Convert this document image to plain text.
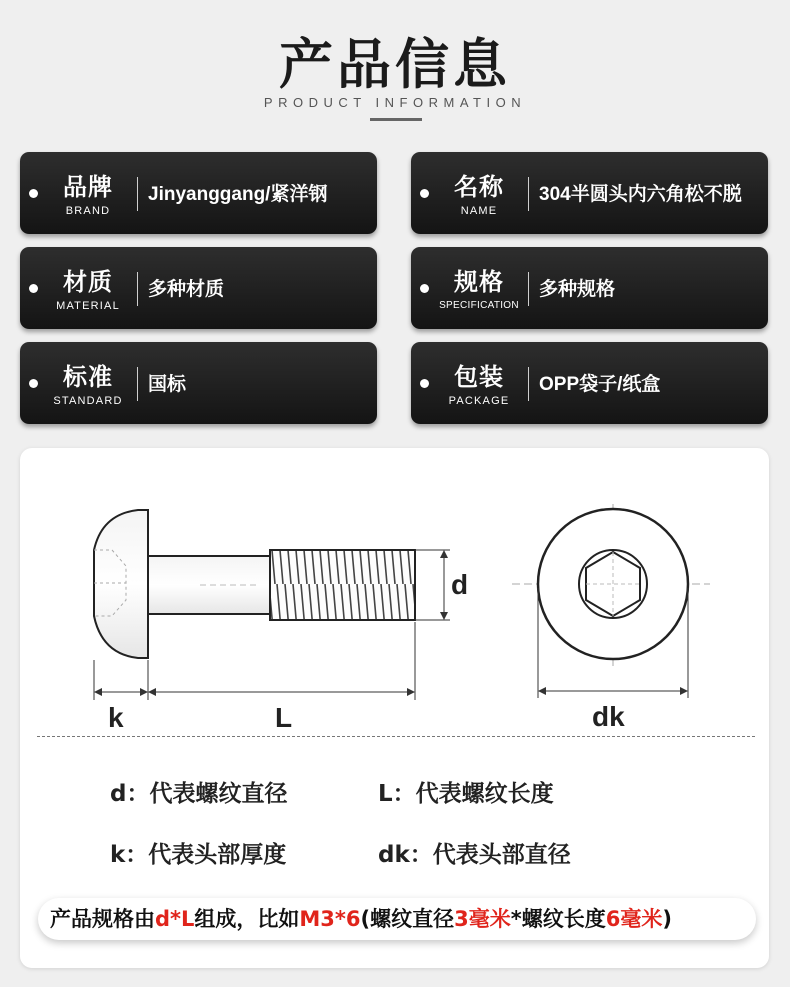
产品信息
PRODUCT INFORMATION
品牌
BRAND
Jinyanggang/紧洋钢	名称
NAME
304半圆头内六角松不脱
材质
MATERIAL
多种材质	规格
SPECIFICATION
多种规格
标准
STANDARD
国标	包装
PACKAGE
OPP袋子/纸盒
d
k	L	dk
d：代表螺纹直径	L：代表螺纹长度
k：代表头部厚度	dk：代表头部直径
产品规格由d*L组成，比如M3*6(螺纹直径3毫米*螺纹长度6毫米)
